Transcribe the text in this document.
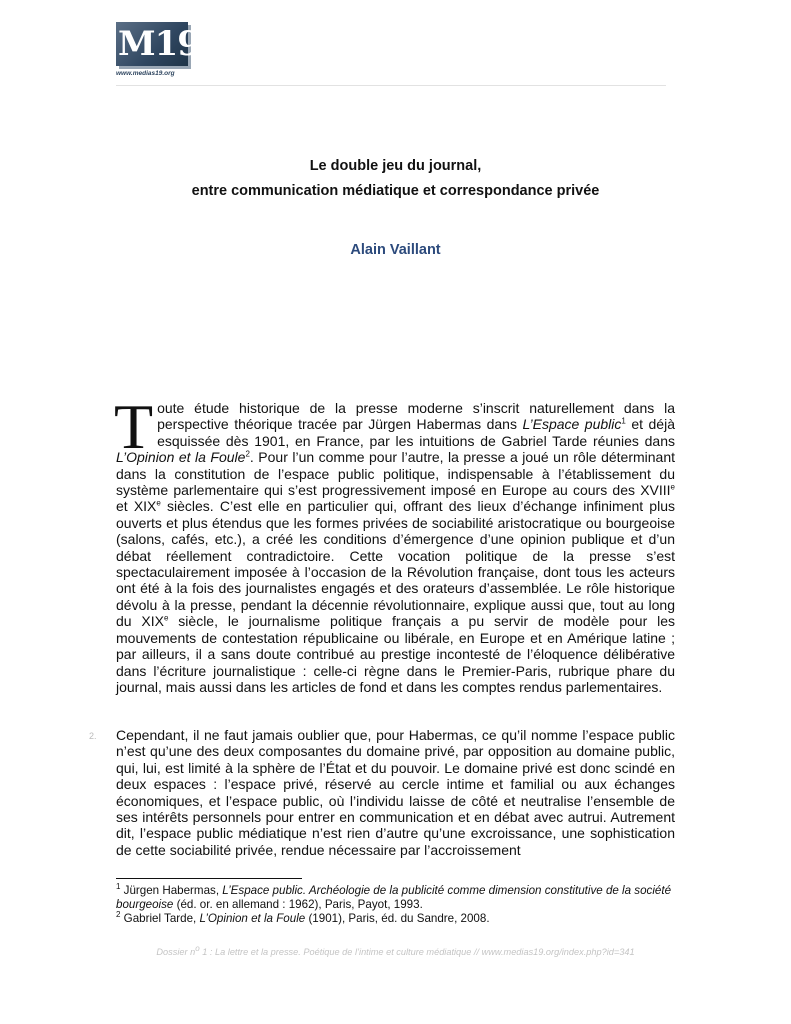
M19
www.medias19.org
Le double jeu du journal,
entre communication médiatique et correspondance privée
Alain Vaillant
Toute étude historique de la presse moderne s’inscrit naturellement dans la perspective théorique tracée par Jürgen Habermas dans L’Espace public$^1$ et déjà esquissée dès 1901, en France, par les intuitions de Gabriel Tarde réunies dans L’Opinion et la Foule$^2$. Pour l’un comme pour l’autre, la presse a joué un rôle déterminant dans la constitution de l’espace public politique, indispensable à l’établissement du système parlementaire qui s’est progressivement imposé en Europe au cours des XVIIIe et XIXe siècles. C’est elle en particulier qui, offrant des lieux d’échange infiniment plus ouverts et plus étendus que les formes privées de sociabilité aristocratique ou bourgeoise (salons, cafés, etc.), a créé les conditions d’émergence d’une opinion publique et d’un débat réellement contradictoire. Cette vocation politique de la presse s’est spectaculairement imposée à l’occasion de la Révolution française, dont tous les acteurs ont été à la fois des journalistes engagés et des orateurs d’assemblée. Le rôle historique dévolu à la presse, pendant la décennie révolutionnaire, explique aussi que, tout au long du XIXe siècle, le journalisme politique français a pu servir de modèle pour les mouvements de contestation républicaine ou libérale, en Europe et en Amérique latine ; par ailleurs, il a sans doute contribué au prestige incontesté de l’éloquence délibérative dans l’écriture journalistique : celle-ci règne dans le Premier-Paris, rubrique phare du journal, mais aussi dans les articles de fond et dans les comptes rendus parlementaires.
2. Cependant, il ne faut jamais oublier que, pour Habermas, ce qu’il nomme l’espace public n’est qu’une des deux composantes du domaine privé, par opposition au domaine public, qui, lui, est limité à la sphère de l’État et du pouvoir. Le domaine privé est donc scindé en deux espaces : l’espace privé, réservé au cercle intime et familial ou aux échanges économiques, et l’espace public, où l’individu laisse de côté et neutralise l’ensemble de ses intérêts personnels pour entrer en communication et en débat avec autrui. Autrement dit, l’espace public médiatique n’est rien d’autre qu’une excroissance, une sophistication de cette sociabilité privée, rendue nécessaire par l’accroissement

$^1$ Jürgen Habermas, L’Espace public. Archéologie de la publicité comme dimension constitutive de la société bourgeoise (éd. or. en allemand : 1962), Paris, Payot, 1993.

$^2$ Gabriel Tarde, L’Opinion et la Foule (1901), Paris, éd. du Sandre, 2008.

Dossier $n^o$ 1 : La lettre et la presse. Poétique de l’intime et culture médiatique // www.medias19.org/index.php?id=341
